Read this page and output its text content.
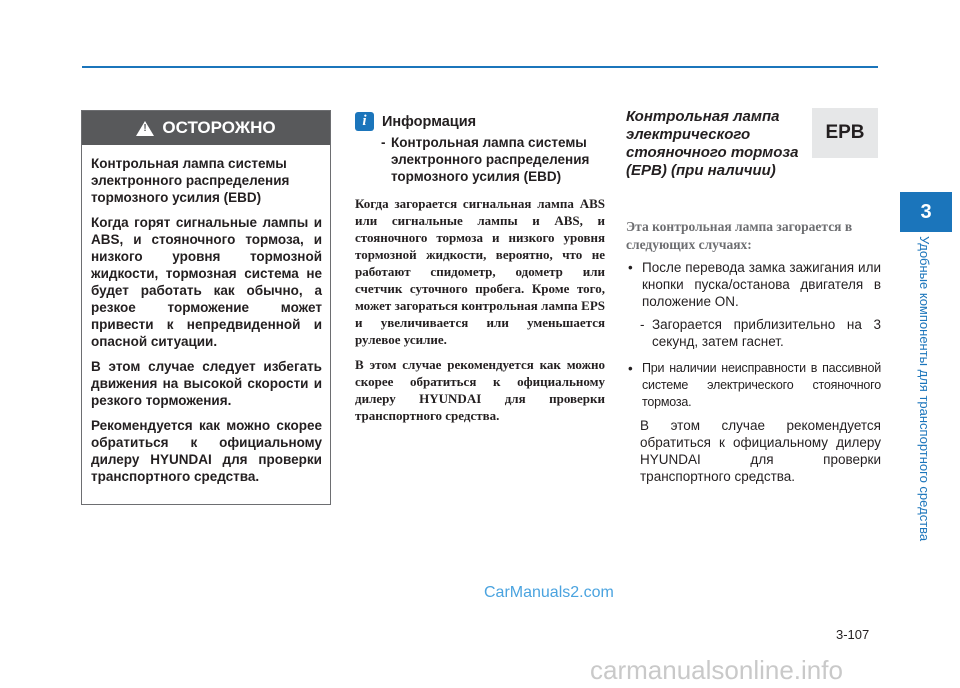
!
ОСТОРОЖНО

Контрольная лампа системы электронного распределения тормозного усилия (EBD)

Когда горят сигнальные лампы и ABS, и стояночного тормоза, и низкого уровня тормозной жидкости, тормозная система не будет работать как обычно, а резкое торможение может привести к непредвиденной и опасной ситуации.

В этом случае следует избегать движения на высокой скорости и резкого торможения.

Рекомендуется как можно скорее обратиться к официальному дилеру HYUNDAI для проверки транспортного средства.

i	Информация
- Контрольная лампа системы электронного распределения тормозного усилия (EBD)

Когда загорается сигнальная лампа ABS или сигнальные лампы и ABS, и стояночного тормоза и низкого уровня тормозной жидкости, вероятно, что не работают спидометр, одометр или счетчик суточного пробега. Кроме того, может загораться контрольная лампа EPS и увеличивается или уменьшается рулевое усилие.

В этом случае рекомендуется как можно скорее обратиться к официальному дилеру HYUNDAI для проверки транспортного средства.

Контрольная лампа электрического стояночного тормоза (EPB) (при наличии)
EPB
Эта контрольная лампа загорается в следующих случаях:
• После перевода замка зажигания или кнопки пуска/останова двигателя в положение ON.
- Загорается приблизительно на 3 секунд, затем гаснет.
• При наличии неисправности в пассивной системе электрического стояночного тормоза.
В этом случае рекомендуется обратиться к официальному дилеру HYUNDAI для проверки транспортного средства.
3
Удобные компоненты для транспортного средства
CarManuals2.com
3-107
carmanualsonline.info
